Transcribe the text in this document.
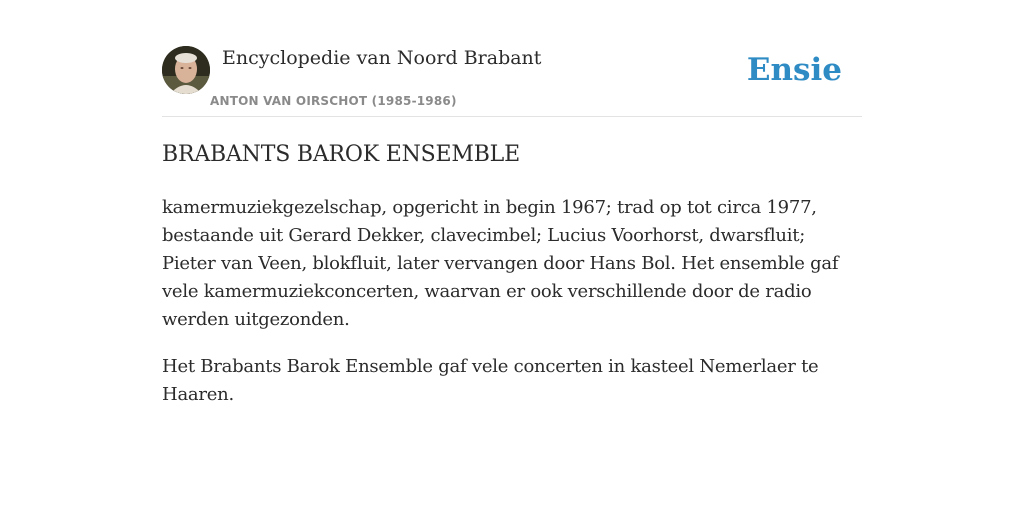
Encyclopedie van Noord Brabant
ANTON VAN OIRSCHOT (1985-1986)
Ensie
BRABANTS BAROK ENSEMBLE

kamermuziekgezelschap, opgericht in begin 1967; trad op tot circa 1977, bestaande uit Gerard Dekker, clavecimbel; Lucius Voorhorst, dwarsfluit; Pieter van Veen, blokfluit, later vervangen door Hans Bol. Het ensemble gaf vele kamermuziekconcerten, waarvan er ook verschillende door de radio werden uitgezonden.

Het Brabants Barok Ensemble gaf vele concerten in kasteel Nemerlaer te Haaren.
